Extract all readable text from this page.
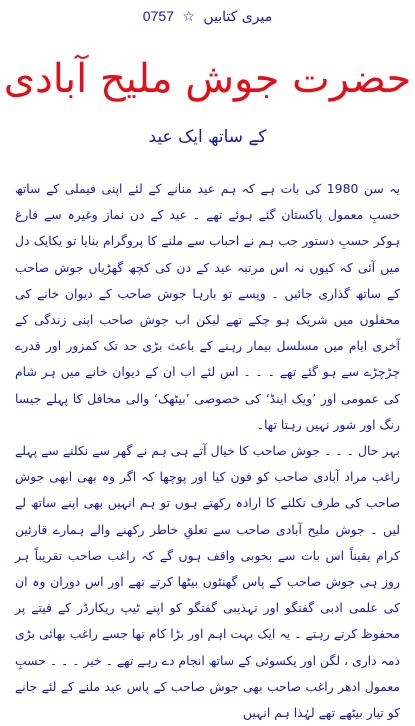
0757 ☆ میری کتابیں
حضرت جوش ملیح آبادی
کے ساتھ ایک عید

یہ سن 1980 کی بات ہے کہ ہم عید منانے کے لئے اپنی فیملی کے ساتھ حسبِ معمول پاکستان گئے ہوئے تھے ۔ عید کے دن نماز وغیرہ سے فارغ ہوکر حسبِ دستور جب ہم نے احباب سے ملنے کا پروگرام بنایا تو یکایک دل میں آئی کہ کیوں نہ اس مرتبہ عید کے دن کی کچھ گھڑیاں جوش صاحب کے ساتھ گذاری جائیں ۔ ویسے تو بارہا جوش صاحب کے دیوان خانے کی محفلوں میں شریک ہو چکے تھے لیکن اب جوش صاحب اپنی زندگی کے آخری ایام میں مسلسل بیمار رہنے کے باعث بڑی حد تک کمزور اور قدرے چڑچڑے سے ہو گئے تھے ۔ ۔ ۔ اس لئے اب ان کے دیوان خانے میں ہر شام کی عمومی اور ’ویک اینڈ‘ کی خصوصی ’بیٹھک‘ والی محافل کا پہلے جیسا رنگ اور شور نہیں رہتا تھا۔

بہر حال ۔ ۔ ۔ جوش صاحب کا خیال آتے ہی ہم نے گھر سے نکلنے سے پہلے راغب مراد آبادی صاحب کو فون کیا اور پوچھا کہ اگر وہ بھی ابھی جوش صاحب کی طرف نکلنے کا ارادہ رکھتے ہوں تو ہم انہیں بھی اپنے ساتھ لے لیں ۔ جوش ملیح آبادی صاحب سے تعلقِ خاطر رکھنے والے ہمارے قارئین کرام یقیناً اس بات سے بخوبی واقف ہوں گے کہ راغب صاحب تقریباً ہر روز ہی جوش صاحب کے پاس گھنٹوں بیٹھا کرتے تھے اور اس دوران وہ ان کی علمی ادبی گفتگو اور تہذیبی گفتگو کو اپنے ٹیپ ریکارڈر کے فیتے پر محفوظ کرتے رہتے ۔ یہ ایک بہت اہم اور بڑا کام تھا جسے راغب بھائی بڑی ذمہ داری ، لگن اور یکسوئی کے ساتھ انجام دے رہے تھے ۔ خیر ۔ ۔ ۔ حسبِ معمول ادھر راغب صاحب بھی جوش صاحب کے پاس عید ملنے کے لئے جانے کو تیار بیٹھے تھے لہٰذا ہم انہیں
